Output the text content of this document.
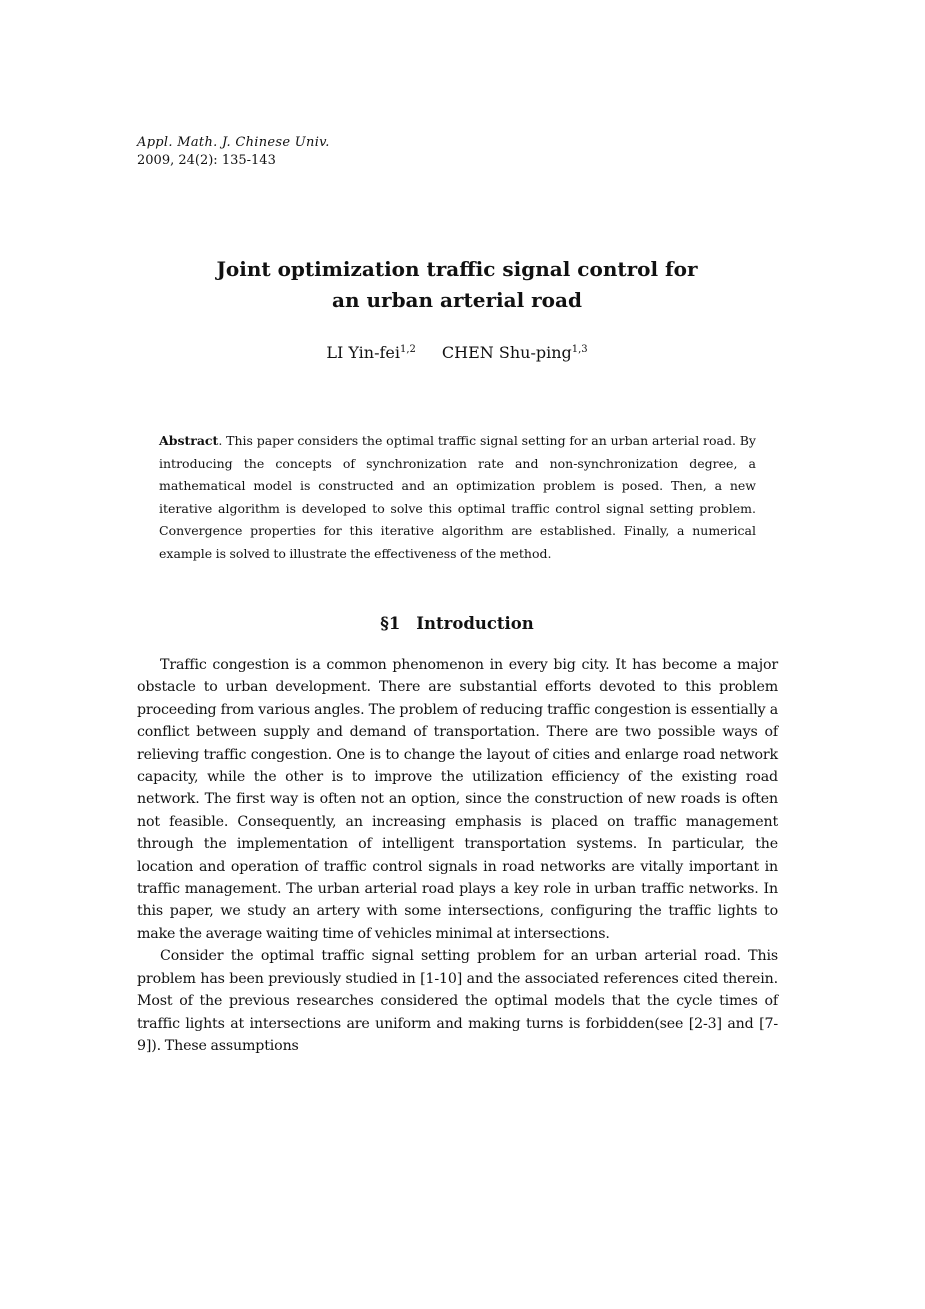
Appl. Math. J. Chinese Univ.
2009, 24(2): 135-143
Joint optimization traffic signal control for
an urban arterial road
LI Yin-fei$^{1,2}$ CHEN Shu-ping$^{1,3}$
Abstract. This paper considers the optimal traffic signal setting for an urban arterial road. By introducing the concepts of synchronization rate and non-synchronization degree, a mathematical model is constructed and an optimization problem is posed. Then, a new iterative algorithm is developed to solve this optimal traffic control signal setting problem. Convergence properties for this iterative algorithm are established. Finally, a numerical example is solved to illustrate the effectiveness of the method.
§1 Introduction

Traffic congestion is a common phenomenon in every big city. It has become a major obstacle to urban development. There are substantial efforts devoted to this problem proceeding from various angles. The problem of reducing traffic congestion is essentially a conflict between supply and demand of transportation. There are two possible ways of relieving traffic congestion. One is to change the layout of cities and enlarge road network capacity, while the other is to improve the utilization efficiency of the existing road network. The first way is often not an option, since the construction of new roads is often not feasible. Consequently, an increasing emphasis is placed on traffic management through the implementation of intelligent transportation systems. In particular, the location and operation of traffic control signals in road networks are vitally important in traffic management. The urban arterial road plays a key role in urban traffic networks. In this paper, we study an artery with some intersections, configuring the traffic lights to make the average waiting time of vehicles minimal at intersections.

Consider the optimal traffic signal setting problem for an urban arterial road. This problem has been previously studied in [1-10] and the associated references cited therein. Most of the previous researches considered the optimal models that the cycle times of traffic lights at intersections are uniform and making turns is forbidden(see [2-3] and [7-9]). These assumptions
